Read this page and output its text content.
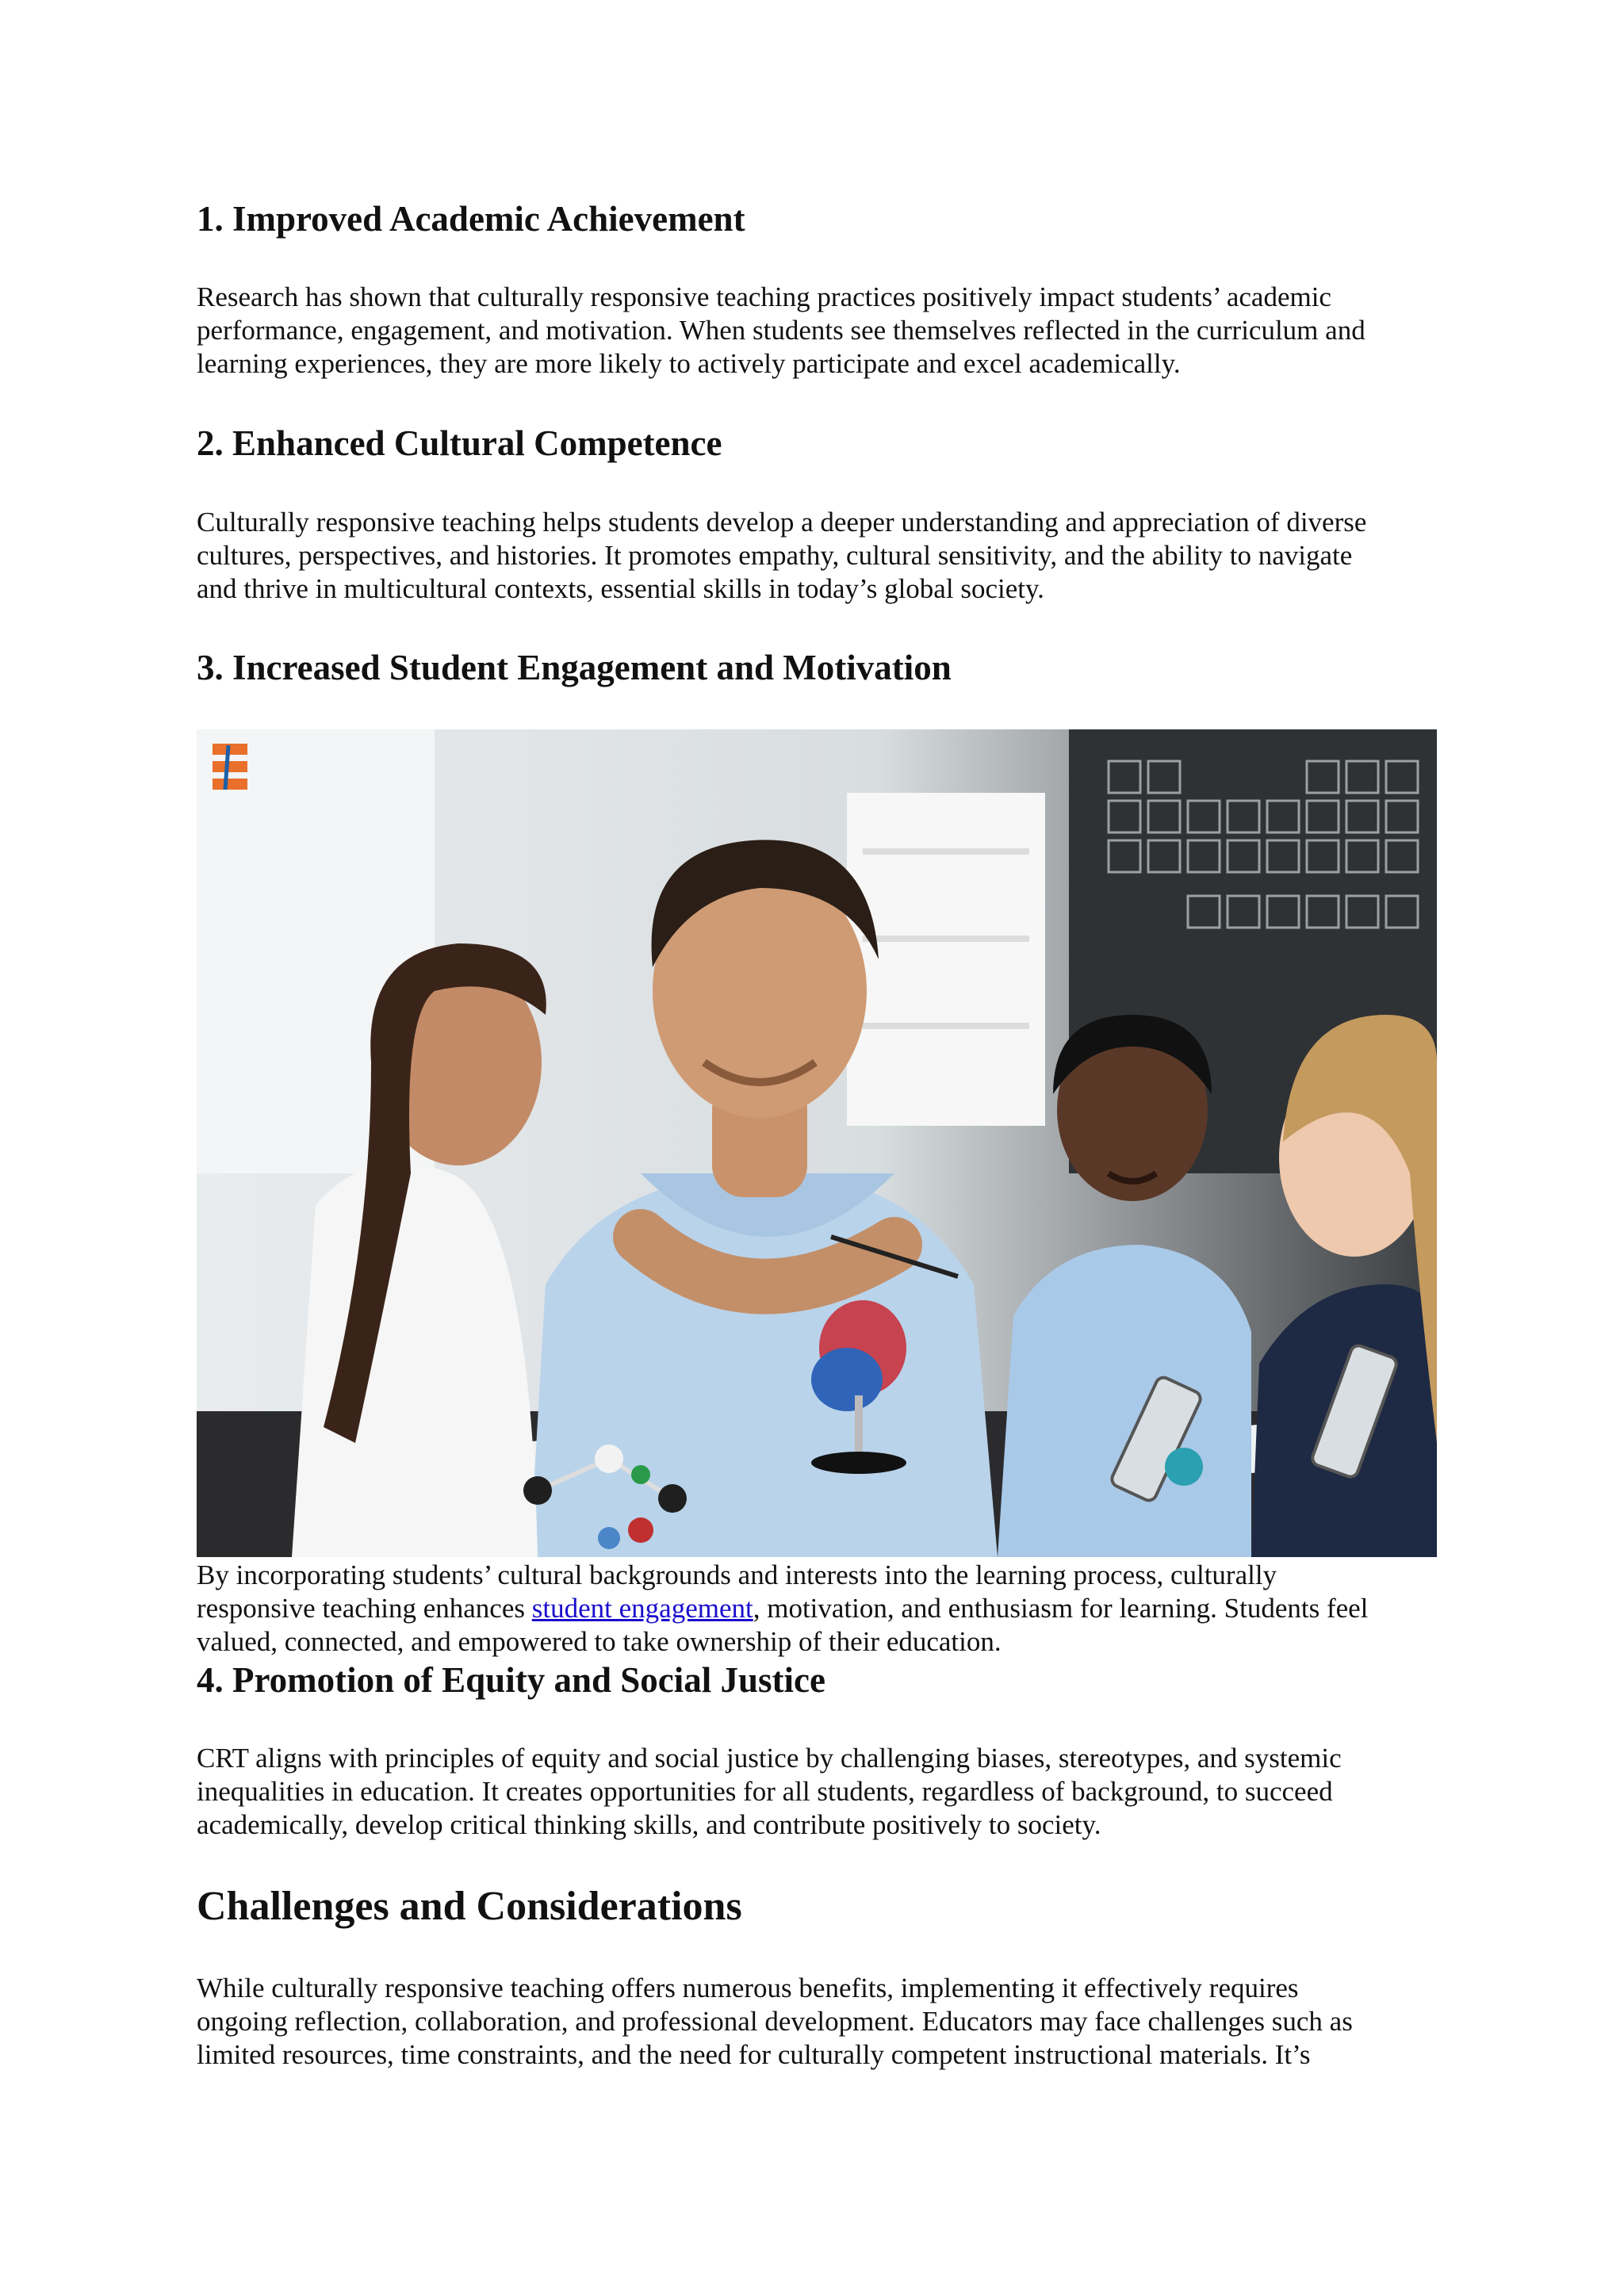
1. Improved Academic Achievement

Research has shown that culturally responsive teaching practices positively impact students’ academic
performance, engagement, and motivation. When students see themselves reflected in the curriculum and
learning experiences, they are more likely to actively participate and excel academically.

2. Enhanced Cultural Competence

Culturally responsive teaching helps students develop a deeper understanding and appreciation of diverse
cultures, perspectives, and histories. It promotes empathy, cultural sensitivity, and the ability to navigate
and thrive in multicultural contexts, essential skills in today’s global society.

3. Increased Student Engagement and Motivation

By incorporating students’ cultural backgrounds and interests into the learning process, culturally
responsive teaching enhances student engagement, motivation, and enthusiasm for learning. Students feel
valued, connected, and empowered to take ownership of their education.

4. Promotion of Equity and Social Justice

CRT aligns with principles of equity and social justice by challenging biases, stereotypes, and systemic
inequalities in education. It creates opportunities for all students, regardless of background, to succeed
academically, develop critical thinking skills, and contribute positively to society.

Challenges and Considerations

While culturally responsive teaching offers numerous benefits, implementing it effectively requires
ongoing reflection, collaboration, and professional development. Educators may face challenges such as
limited resources, time constraints, and the need for culturally competent instructional materials. It’s
